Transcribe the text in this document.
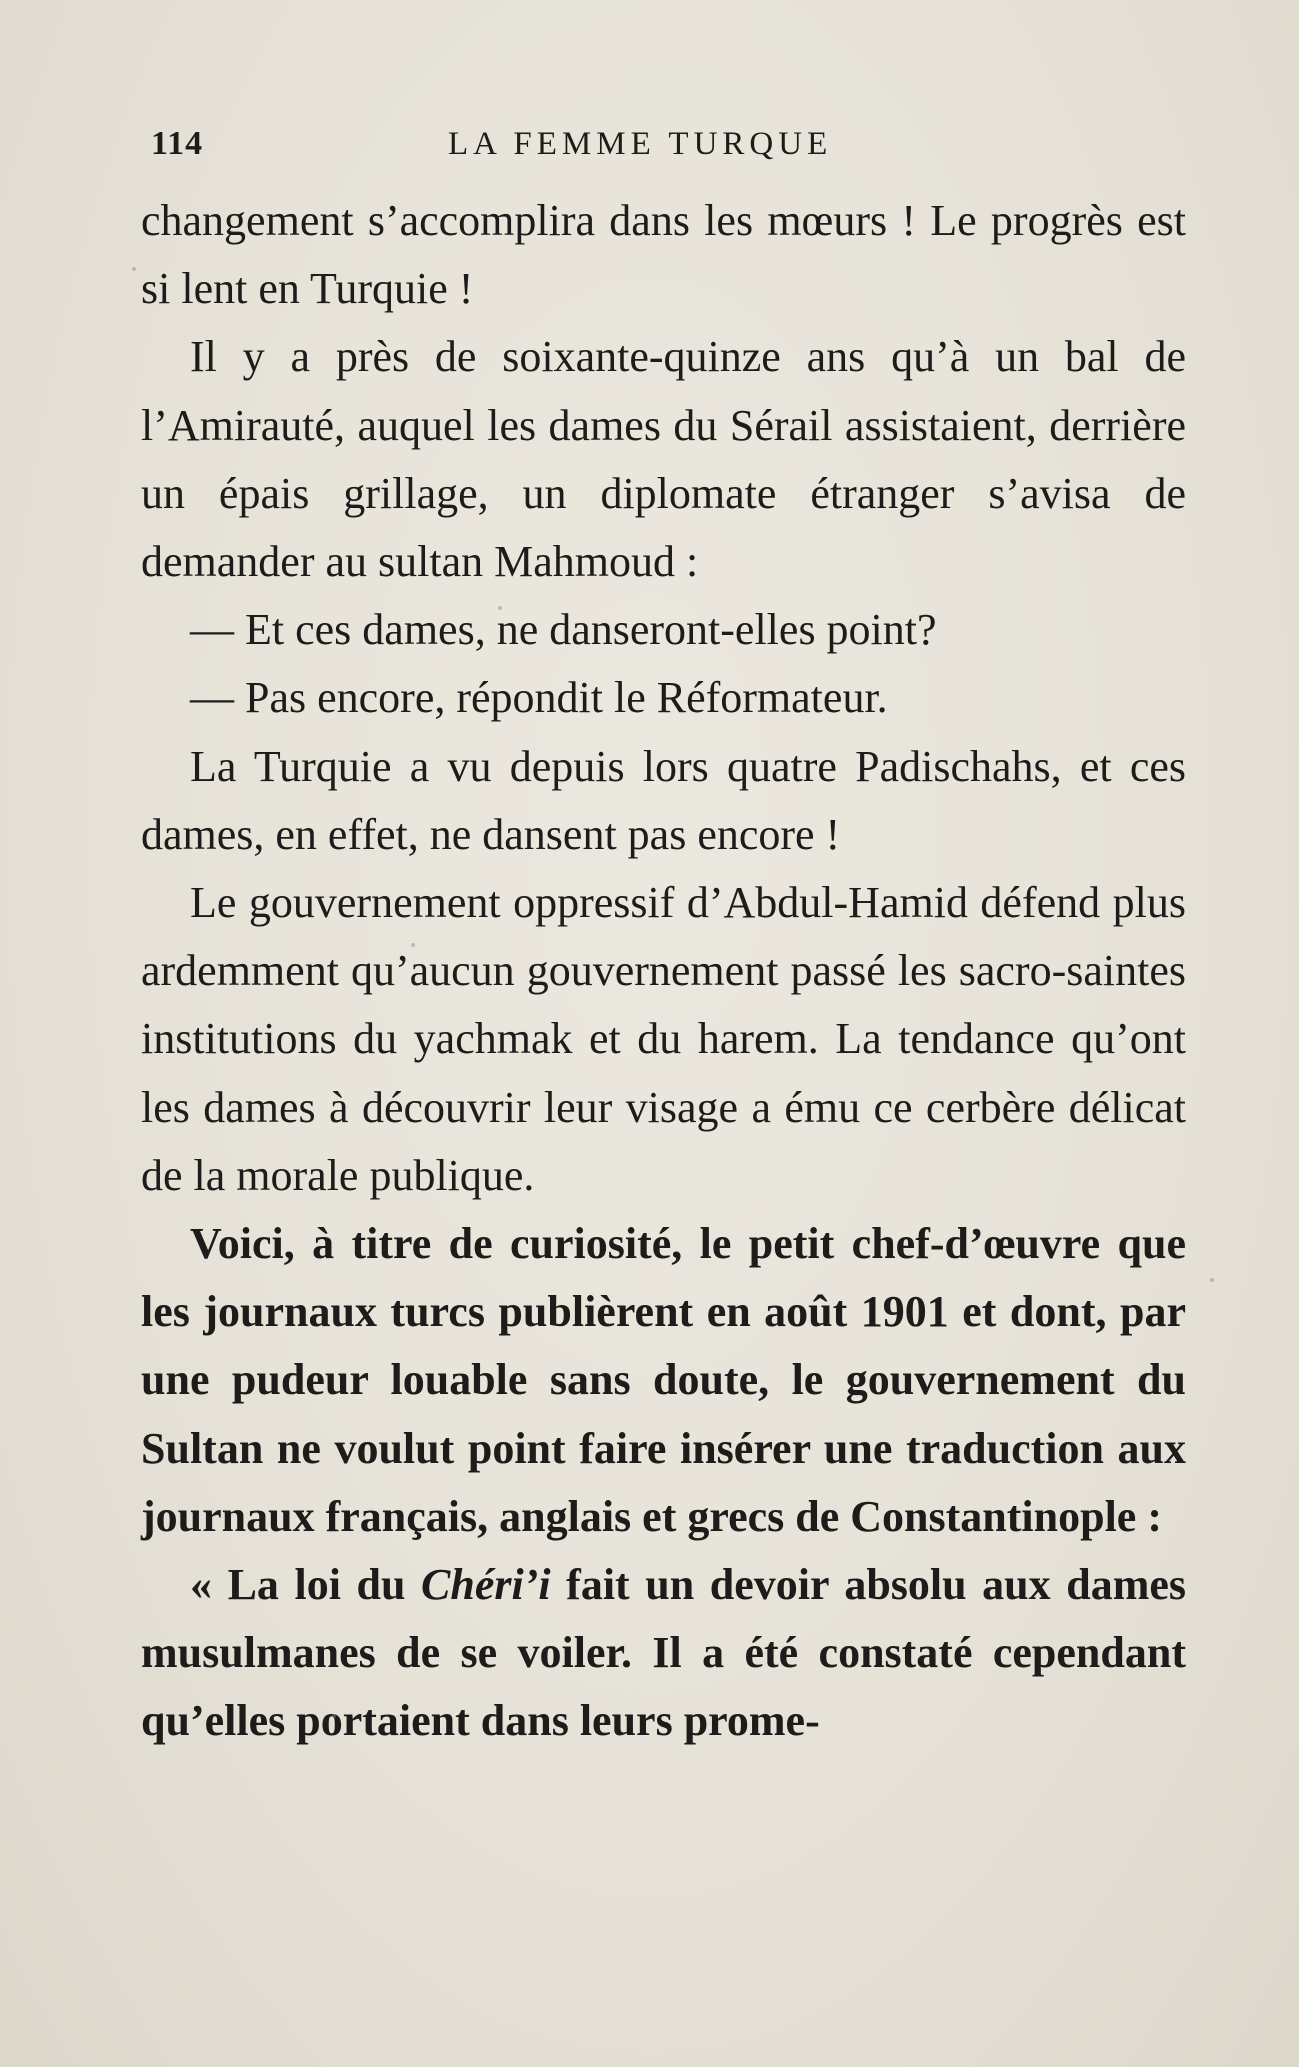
114	LA FEMME TURQUE

changement s’accomplira dans les mœurs ! Le progrès est si lent en Turquie !

Il y a près de soixante-quinze ans qu’à un bal de l’Amirauté, auquel les dames du Sérail assistaient, derrière un épais grillage, un diplomate étranger s’avisa de demander au sultan Mahmoud :

— Et ces dames, ne danseront-elles point?

— Pas encore, répondit le Réformateur.

La Turquie a vu depuis lors quatre Padischahs, et ces dames, en effet, ne dansent pas encore !

Le gouvernement oppressif d’Abdul-Hamid défend plus ardemment qu’aucun gouvernement passé les sacro-saintes institutions du yachmak et du harem. La tendance qu’ont les dames à découvrir leur visage a ému ce cerbère délicat de la morale publique.

Voici, à titre de curiosité, le petit chef-d’œuvre que les journaux turcs publièrent en août 1901 et dont, par une pudeur louable sans doute, le gouvernement du Sultan ne voulut point faire insérer une traduction aux journaux français, anglais et grecs de Constantinople :

« La loi du Chéri’i fait un devoir absolu aux dames musulmanes de se voiler. Il a été constaté cependant qu’elles portaient dans leurs prome-
